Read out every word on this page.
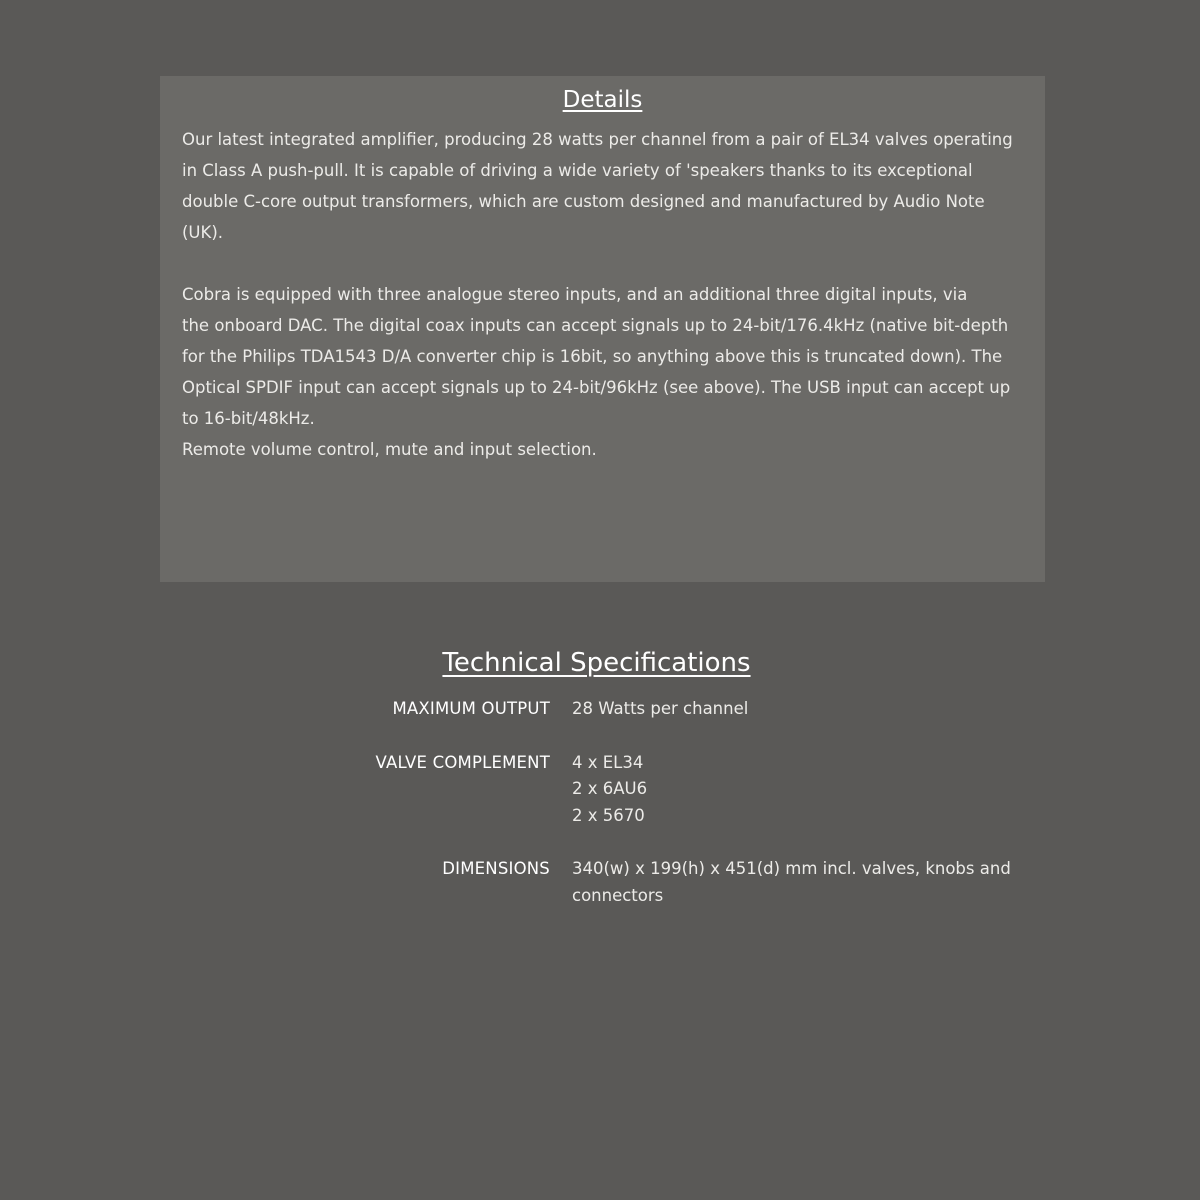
Details

Our latest integrated amplifier, producing 28 watts per channel from a pair of EL34 valves operating

in Class A push-pull. It is capable of driving a wide variety of 'speakers thanks to its exceptional

double C-core output transformers, which are custom designed and manufactured by Audio Note

(UK).

Cobra is equipped with three analogue stereo inputs, and an additional three digital inputs, via

the onboard DAC. The digital coax inputs can accept signals up to 24-bit/176.4kHz (native bit-depth

for the Philips TDA1543 D/A converter chip is 16bit, so anything above this is truncated down). The

Optical SPDIF input can accept signals up to 24-bit/96kHz (see above). The USB input can accept up

to 16-bit/48kHz.

Remote volume control, mute and input selection.

Technical Specifications
MAXIMUM OUTPUT	28 Watts per channel
VALVE COMPLEMENT	4 x EL34
2 x 6AU6
2 x 5670
DIMENSIONS	340(w) x 199(h) x 451(d) mm incl. valves, knobs and
connectors
